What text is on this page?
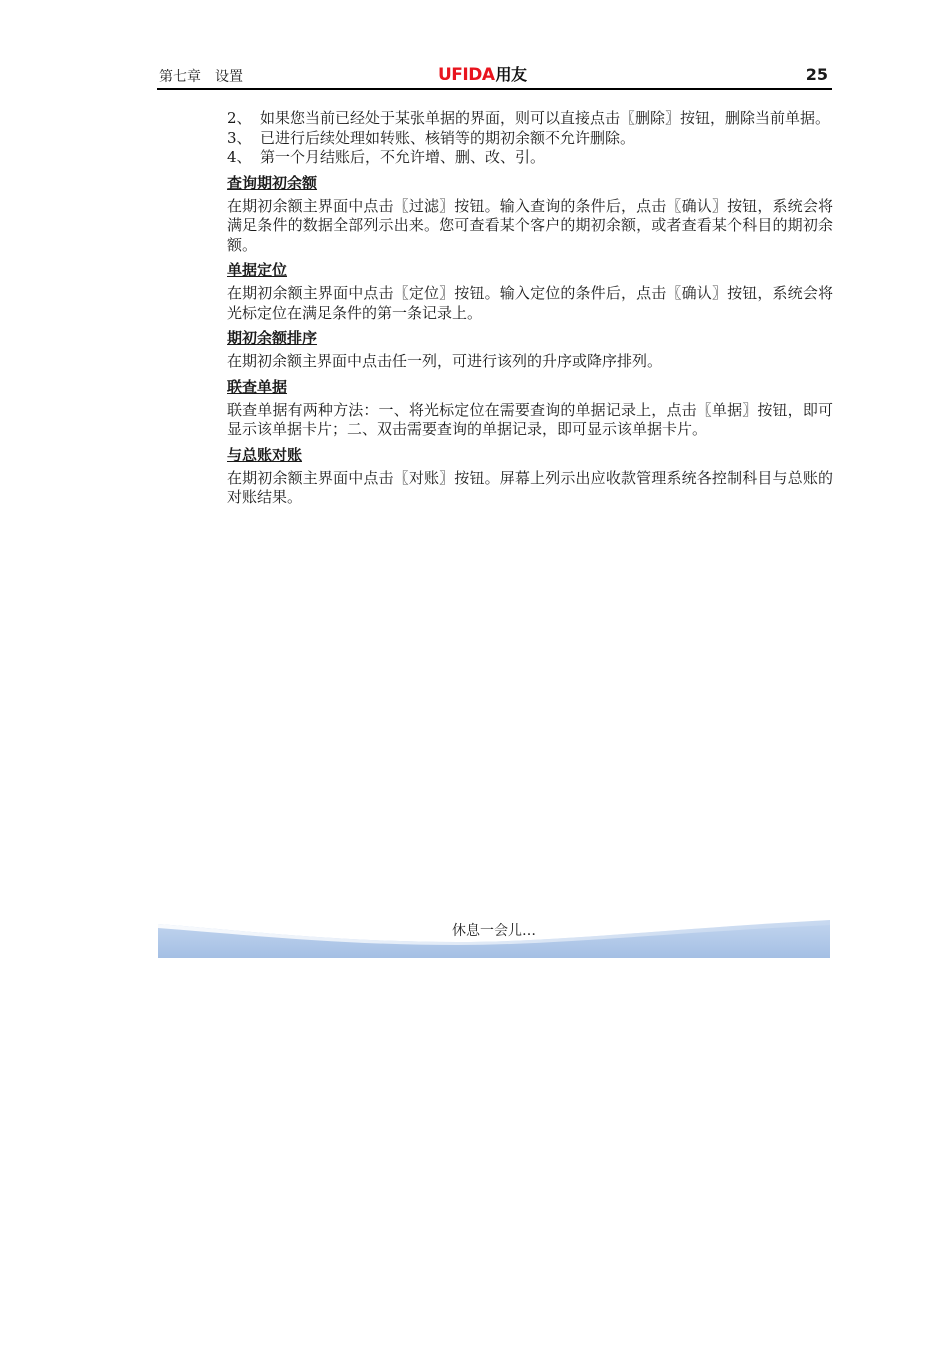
第七章　设置	UFIDA用友	25
2、 如果您当前已经处于某张单据的界面，则可以直接点击〖删除〗按钮，删除当前单据。
3、 已进行后续处理如转账、核销等的期初余额不允许删除。
4、 第一个月结账后，不允许增、删、改、引。
查询期初余额

在期初余额主界面中点击〖过滤〗按钮。输入查询的条件后，点击〖确认〗按钮，系统会将满足条件的数据全部列示出来。您可查看某个客户的期初余额，或者查看某个科目的期初余额。

单据定位

在期初余额主界面中点击〖定位〗按钮。输入定位的条件后，点击〖确认〗按钮，系统会将光标定位在满足条件的第一条记录上。

期初余额排序

在期初余额主界面中点击任一列，可进行该列的升序或降序排列。

联查单据

联查单据有两种方法：一、将光标定位在需要查询的单据记录上，点击〖单据〗按钮，即可显示该单据卡片；二、双击需要查询的单据记录，即可显示该单据卡片。

与总账对账

在期初余额主界面中点击〖对账〗按钮。屏幕上列示出应收款管理系统各控制科目与总账的对账结果。

休息一会儿…
